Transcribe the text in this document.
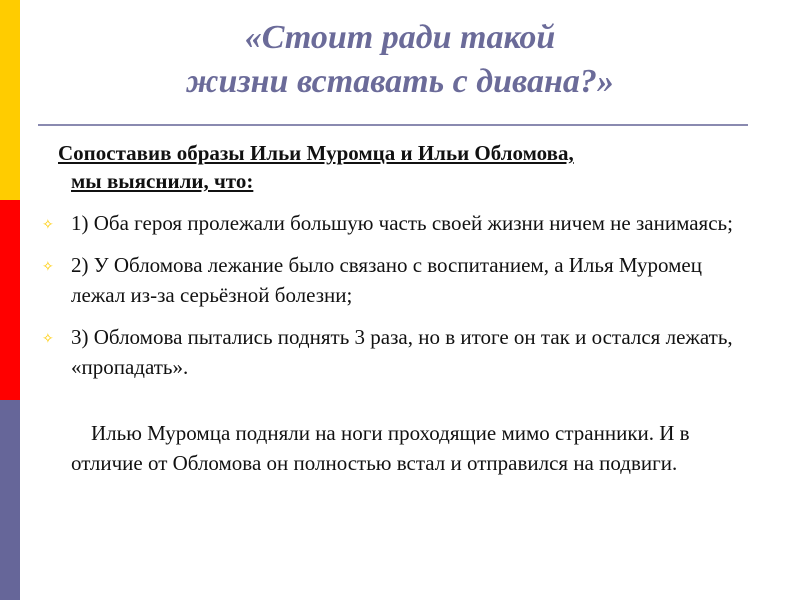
«Стоит ради такой
жизни вставать с дивана?»
Сопоставив образы Ильи Муромца и Ильи Обломова,
мы выяснили, что:
✧ 1) Оба героя пролежали большую часть своей жизни ничем не занимаясь;
✧ 2) У Обломова лежание было связано с воспитанием, а Илья Муромец лежал из-за серьёзной болезни;
✧ 3) Обломова пытались поднять 3 раза, но в итоге он так и остался лежать, «пропадать».
Илью Муромца подняли на ноги проходящие мимо странники. И в отличие от Обломова он полностью встал и отправился на подвиги.
